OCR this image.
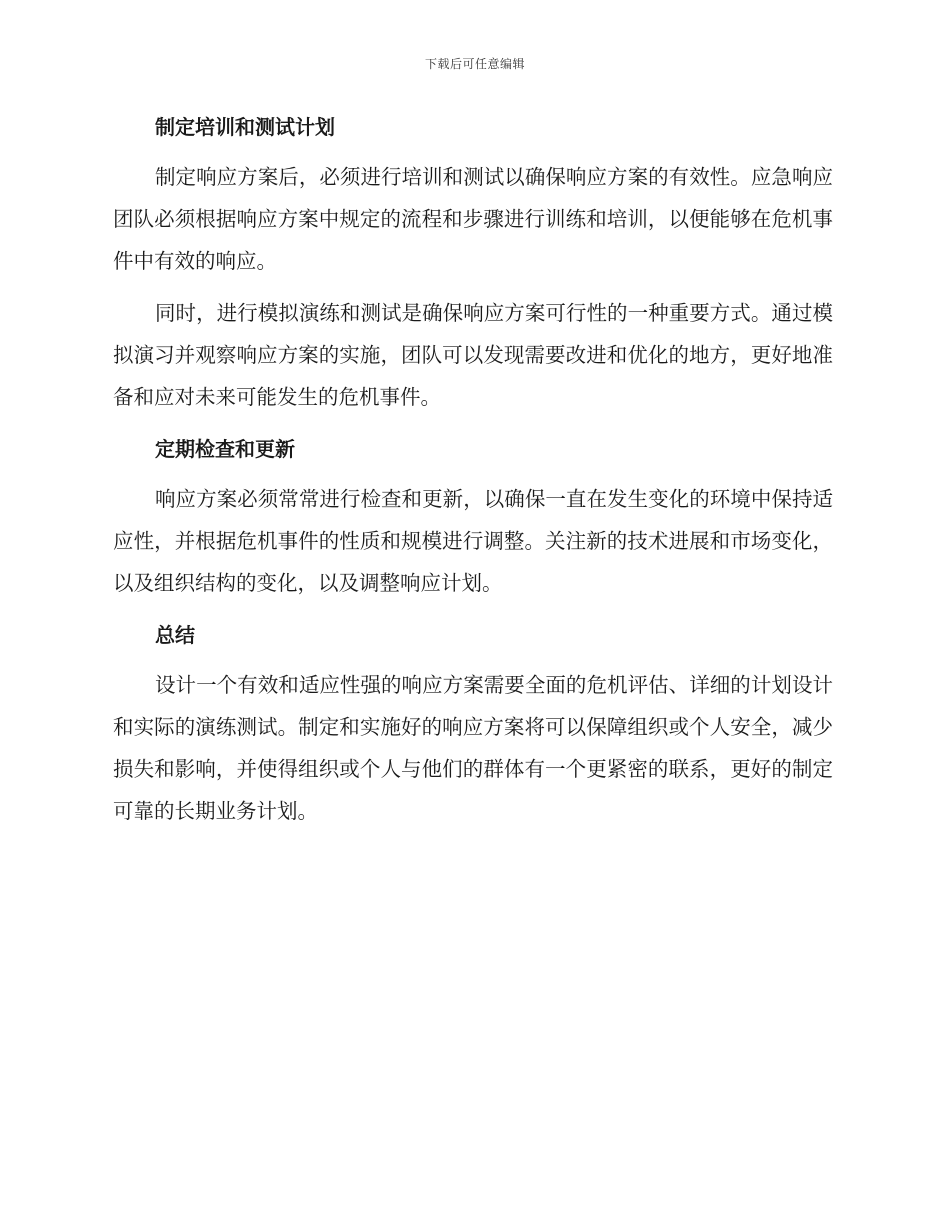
下载后可任意编辑
制定培训和测试计划

制定响应方案后，必须进行培训和测试以确保响应方案的有效性。应急响应团队必须根据响应方案中规定的流程和步骤进行训练和培训，以便能够在危机事件中有效的响应。

同时，进行模拟演练和测试是确保响应方案可行性的一种重要方式。通过模拟演习并观察响应方案的实施，团队可以发现需要改进和优化的地方，更好地准备和应对未来可能发生的危机事件。

定期检查和更新

响应方案必须常常进行检查和更新，以确保一直在发生变化的环境中保持适应性，并根据危机事件的性质和规模进行调整。关注新的技术进展和市场变化，以及组织结构的变化，以及调整响应计划。

总结

设计一个有效和适应性强的响应方案需要全面的危机评估、详细的计划设计和实际的演练测试。制定和实施好的响应方案将可以保障组织或个人安全，减少损失和影响，并使得组织或个人与他们的群体有一个更紧密的联系，更好的制定可靠的长期业务计划。
